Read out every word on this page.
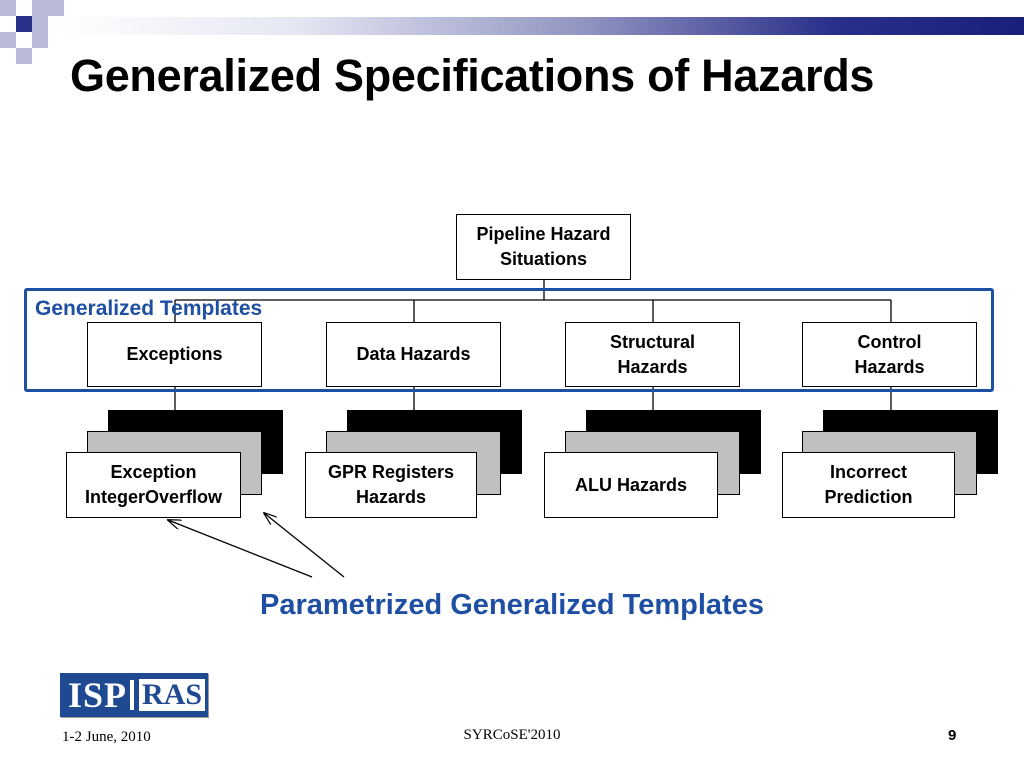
Generalized Specifications of Hazards
Pipeline Hazard
Situations
Generalized Templates
Exceptions	Data Hazards
Structural
Hazards
Control
Hazards
Exception
IntegerOverflow
GPR Registers
Hazards
ALU Hazards
Incorrect
Prediction
Parametrized Generalized Templates
ISP RAS
1-2 June, 2010	SYRCoSE'2010	9
